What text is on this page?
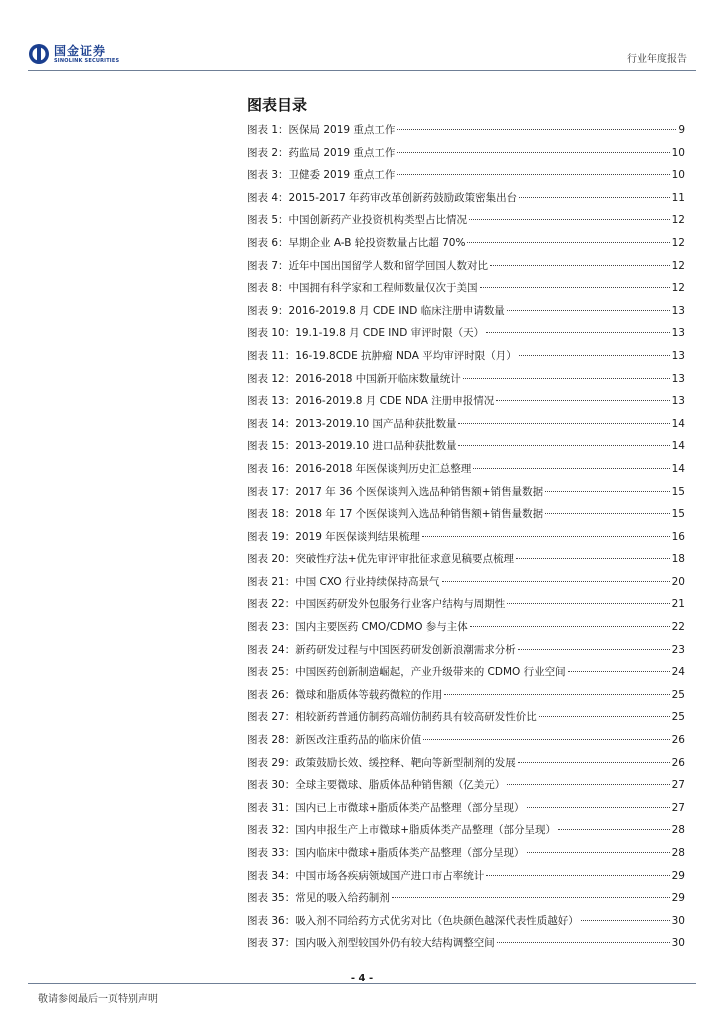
国金证券
SINOLINK SECURITIES	行业年度报告
图表目录
图表 1：医保局 2019 重点工作	9
图表 2：药监局 2019 重点工作	10
图表 3：卫健委 2019 重点工作	10
图表 4：2015-2017 年药审改革创新药鼓励政策密集出台	11
图表 5：中国创新药产业投资机构类型占比情况	12
图表 6：早期企业 A-B 轮投资数量占比超 70%	12
图表 7：近年中国出国留学人数和留学回国人数对比	12
图表 8：中国拥有科学家和工程师数量仅次于美国	12
图表 9：2016-2019.8 月 CDE IND 临床注册申请数量	13
图表 10：19.1-19.8 月 CDE IND 审评时限（天）	13
图表 11：16-19.8CDE 抗肿瘤 NDA 平均审评时限（月）	13
图表 12：2016-2018 中国新开临床数量统计	13
图表 13：2016-2019.8 月 CDE NDA 注册申报情况	13
图表 14：2013-2019.10 国产品种获批数量	14
图表 15：2013-2019.10 进口品种获批数量	14
图表 16：2016-2018 年医保谈判历史汇总整理	14
图表 17：2017 年 36 个医保谈判入选品种销售额+销售量数据	15
图表 18：2018 年 17 个医保谈判入选品种销售额+销售量数据	15
图表 19：2019 年医保谈判结果梳理	16
图表 20：突破性疗法+优先审评审批征求意见稿要点梳理	18
图表 21：中国 CXO 行业持续保持高景气	20
图表 22：中国医药研发外包服务行业客户结构与周期性	21
图表 23：国内主要医药 CMO/CDMO 参与主体	22
图表 24：新药研发过程与中国医药研发创新浪潮需求分析	23
图表 25：中国医药创新制造崛起，产业升级带来的 CDMO 行业空间	24
图表 26：微球和脂质体等载药微粒的作用	25
图表 27：相较新药普通仿制药高端仿制药具有较高研发性价比	25
图表 28：新医改注重药品的临床价值	26
图表 29：政策鼓励长效、缓控释、靶向等新型制剂的发展	26
图表 30：全球主要微球、脂质体品种销售额（亿美元）	27
图表 31：国内已上市微球+脂质体类产品整理（部分呈现）	27
图表 32：国内申报生产上市微球+脂质体类产品整理（部分呈现）	28
图表 33：国内临床中微球+脂质体类产品整理（部分呈现）	28
图表 34：中国市场各疾病领域国产进口市占率统计	29
图表 35：常见的吸入给药制剂	29
图表 36：吸入剂不同给药方式优劣对比（色块颜色越深代表性质越好）	30
图表 37：国内吸入剂型较国外仍有较大结构调整空间	30
- 4 -
敬请参阅最后一页特别声明
